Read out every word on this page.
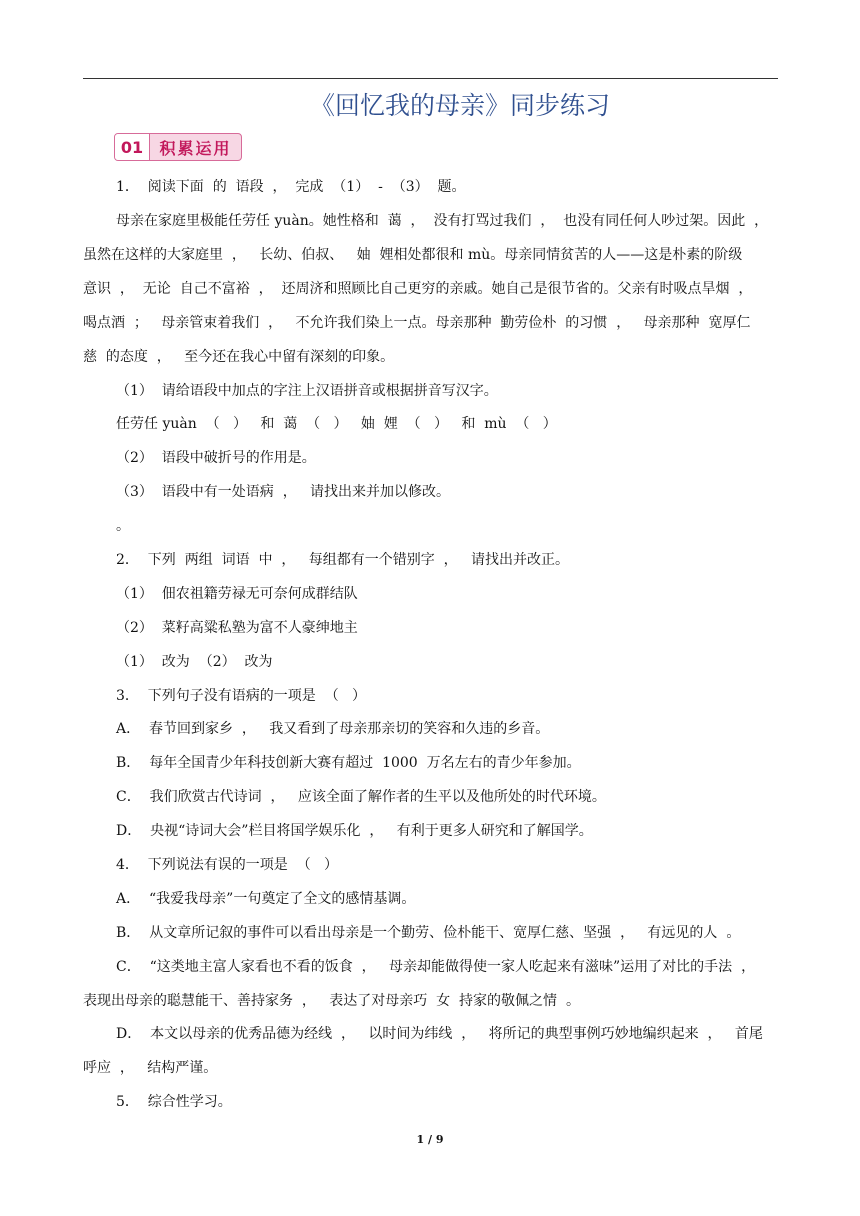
《回忆我的母亲》同步练习
01	积累运用
1．  阅读下面  的  语段  ，  完成  （1）  -  （3）  题。
母亲在家庭里极能任劳任 yuàn。她性格和  蔼  ，  没有打骂过我们  ，  也没有同任何人吵过架。因此  ，
虽然在这样的大家庭里  ，   长幼、伯叔、   妯  娌相处都很和 mù。母亲同情贫苦的人——这是朴素的阶级
意识  ，  无论  自己不富裕  ，  还周济和照顾比自己更穷的亲戚。她自己是很节省的。父亲有时吸点旱烟  ，
喝点酒  ；   母亲管束着我们  ，   不允许我们染上一点。母亲那种  勤劳俭朴  的习惯  ，   母亲那种  宽厚仁
慈  的态度  ，   至今还在我心中留有深刻的印象。
（1）  请给语段中加点的字注上汉语拼音或根据拼音写汉字。
任劳任 yuàn  （   ）   和  蔼  （   ）   妯  娌  （   ）   和  mù  （   ）
（2）  语段中破折号的作用是。
（3）  语段中有一处语病  ，   请找出来并加以修改。
。
2．  下列  两组  词语  中  ，   每组都有一个错别字  ，   请找出并改正。
（1）  佃农祖籍劳禄无可奈何成群结队
（2）  菜籽高粱私塾为富不人豪绅地主
（1）  改为  （2）  改为
3．  下列句子没有语病的一项是  （   ）
A．  春节回到家乡  ，   我又看到了母亲那亲切的笑容和久违的乡音。
B．  每年全国青少年科技创新大赛有超过  1000  万名左右的青少年参加。
C．  我们欣赏古代诗词  ，   应该全面了解作者的生平以及他所处的时代环境。
D．  央视“诗词大会”栏目将国学娱乐化  ，   有利于更多人研究和了解国学。
4．  下列说法有误的一项是  （   ）
A．  “我爱我母亲”一句奠定了全文的感情基调。
B．  从文章所记叙的事件可以看出母亲是一个勤劳、俭朴能干、宽厚仁慈、坚强  ，   有远见的人  。
C．  “这类地主富人家看也不看的饭食  ，   母亲却能做得使一家人吃起来有滋味”运用了对比的手法  ，
表现出母亲的聪慧能干、善持家务  ，   表达了对母亲巧  女  持家的敬佩之情  。
D．  本文以母亲的优秀品德为经线  ，   以时间为纬线  ，   将所记的典型事例巧妙地编织起来  ，   首尾
呼应  ，   结构严谨。
5．  综合性学习。
1 / 9
